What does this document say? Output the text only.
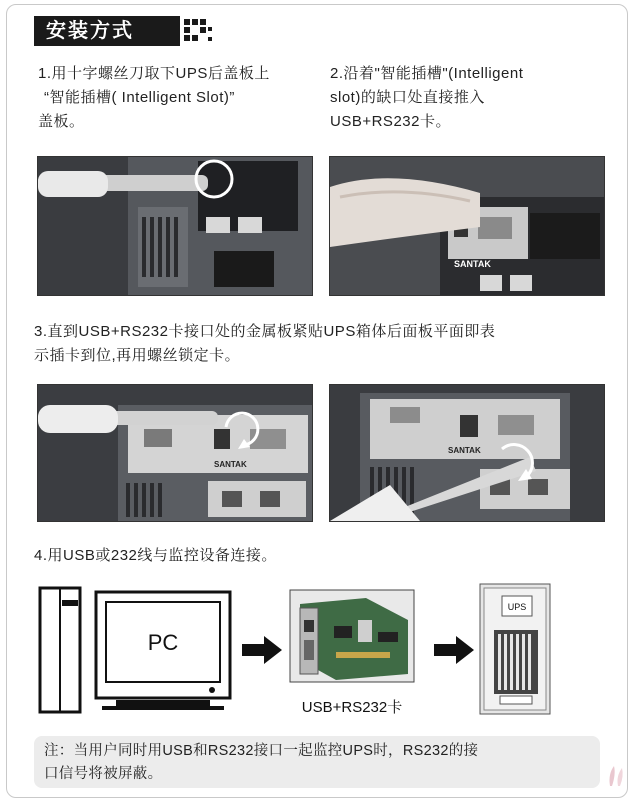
安装方式
1.用十字螺丝刀取下UPS后盖板上
“智能插槽( Intelligent Slot)”
盖板。
2.沿着"智能插槽"(Intelligent
slot)的缺口处直接推入
USB+RS232卡。
SANTAK
3.直到USB+RS232卡接口处的金属板紧贴UPS箱体后面板平面即表
示插卡到位,再用螺丝锁定卡。
SANTAK
SANTAK
4.用USB或232线与监控设备连接。
PC
USB+RS232卡
UPS
注：当用户同时用USB和RS232接口一起监控UPS时，RS232的接
口信号将被屏蔽。
